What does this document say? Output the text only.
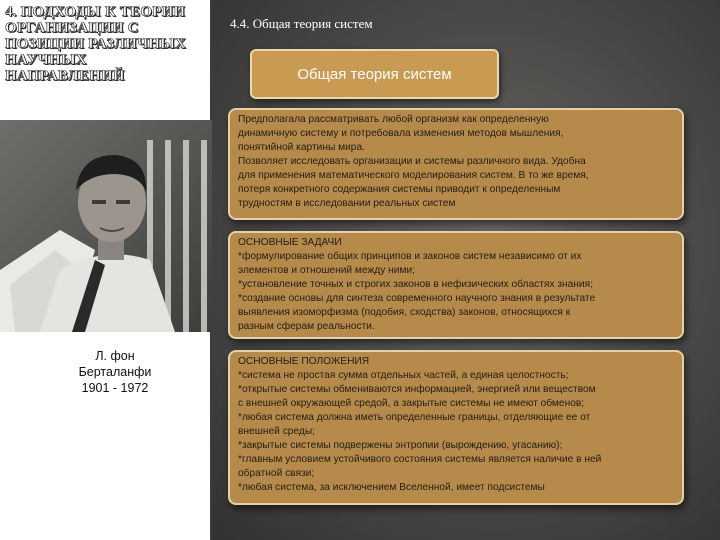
4. ПОДХОДЫ К ТЕОРИИ ОРГАНИЗАЦИИ С ПОЗИЦИИ РАЗЛИЧНЫХ НАУЧНЫХ НАПРАВЛЕНИЙ
Л. фон
Берталанфи
1901 - 1972
4.4. Общая теория систем
Общая теория систем
Предполагала рассматривать любой организм как определенную
динамичную систему и потребовала изменения методов мышления,
понятийной картины мира.
Позволяет исследовать организации и системы различного вида. Удобна
для применения математического моделирования систем. В то же время,
потеря конкретного содержания системы приводит к определенным
трудностям в исследовании реальных систем
ОСНОВНЫЕ ЗАДАЧИ
*формулирование общих принципов и законов систем независимо от их
элементов и отношений между ними;
*установление точных и строгих законов в нефизических областях знания;
*создание основы для синтеза современного научного знания в результате
выявления изоморфизма (подобия, сходства) законов, относящихся к
разным сферам реальности.
ОСНОВНЫЕ ПОЛОЖЕНИЯ
*система не простая сумма отдельных частей, а единая целостность;
*открытые системы обмениваются информацией, энергией или веществом
с внешней окружающей средой, а закрытые системы не имеют обменов;
*любая система должна иметь определенные границы, отделяющие ее от
внешней среды;
*закрытые системы подвержены энтропии (вырождению, угасанию);
*главным условием устойчивого состояния системы является наличие в ней
обратной связи;
*любая система, за исключением Вселенной, имеет подсистемы
